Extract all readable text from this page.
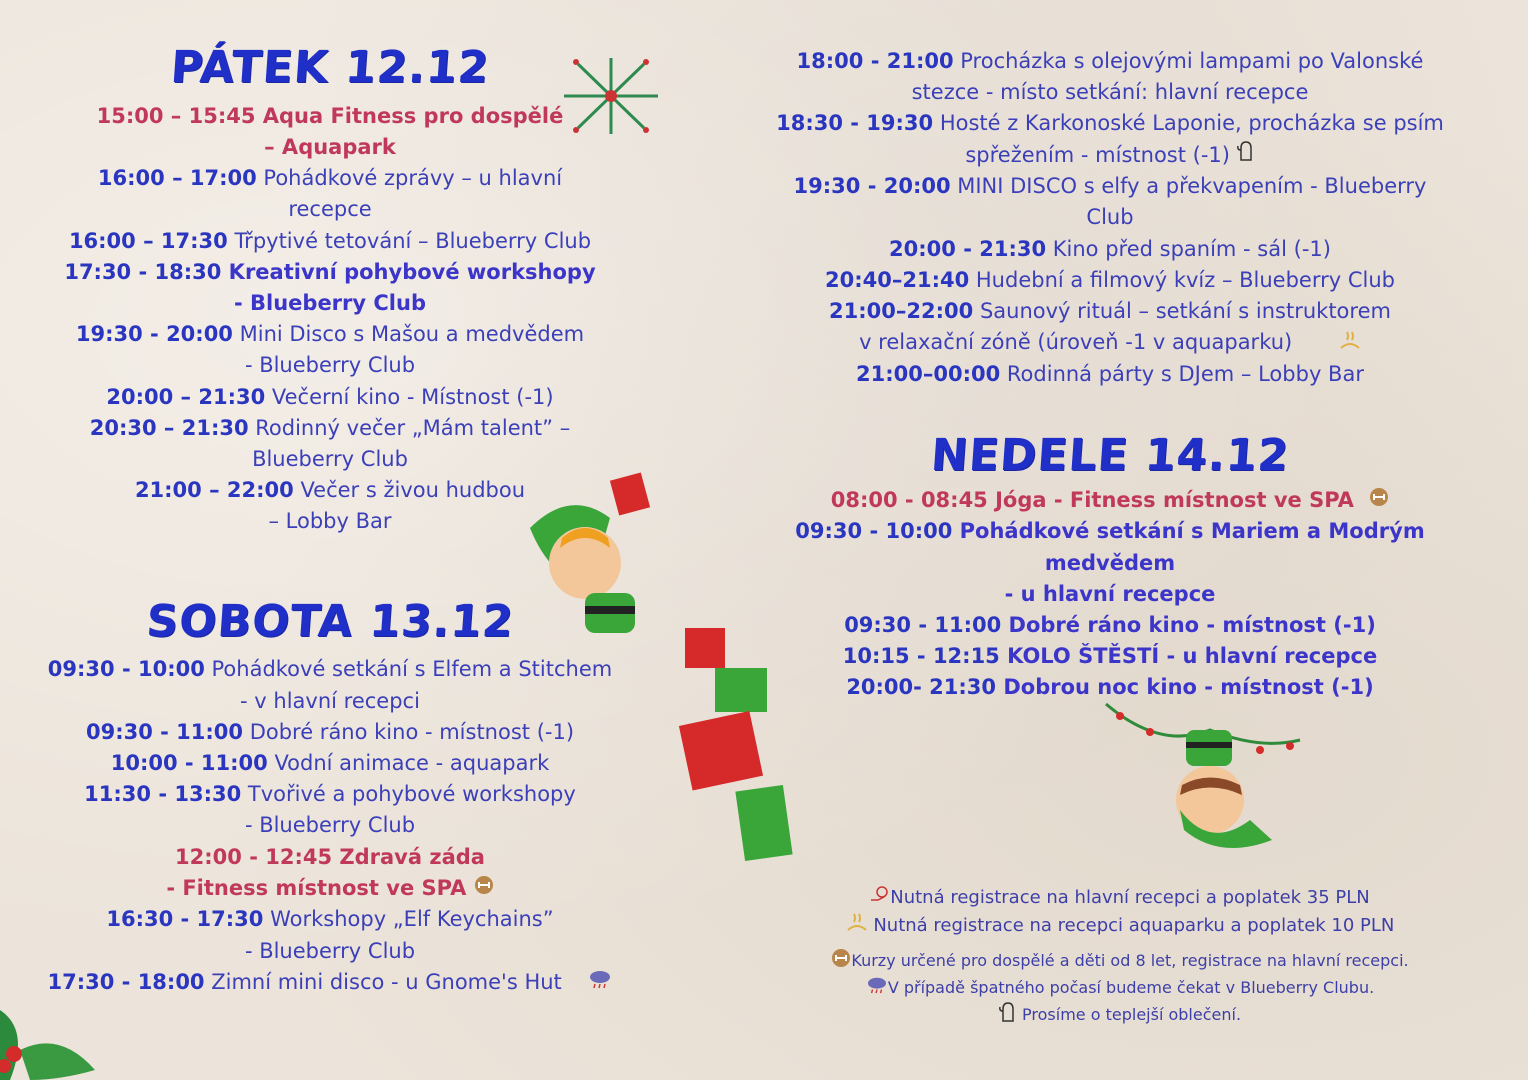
PÁTEK 12.12

15:00 – 15:45 Aqua Fitness pro dospělé
– Aquapark

16:00 – 17:00 Pohádkové zprávy – u hlavní
recepce

16:00 – 17:30 Třpytivé tetování – Blueberry Club

17:30 - 18:30 Kreativní pohybové workshopy
- Blueberry Club

19:30 - 20:00 Mini Disco s Mašou a medvědem
- Blueberry Club

20:00 – 21:30 Večerní kino - Místnost (-1)

20:30 – 21:30 Rodinný večer „Mám talent” –
Blueberry Club

21:00 – 22:00 Večer s živou hudbou
– Lobby Bar

SOBOTA 13.12

09:30 - 10:00 Pohádkové setkání s Elfem a Stitchem
- v hlavní recepci

09:30 - 11:00 Dobré ráno kino - místnost (-1)

10:00 - 11:00 Vodní animace - aquapark

11:30 - 13:30 Tvořivé a pohybové workshopy
- Blueberry Club

12:00 - 12:45 Zdravá záda
- Fitness místnost ve SPA

16:30 - 17:30 Workshopy „Elf Keychains”
- Blueberry Club

17:30 - 18:00 Zimní mini disco - u Gnome's Hut

18:00 - 21:00 Procházka s olejovými lampami po Valonské
stezce - místo setkání: hlavní recepce

18:30 - 19:30 Hosté z Karkonoské Laponie, procházka se psím
spřežením - místnost (-1)

19:30 - 20:00 MINI DISCO s elfy a překvapením - Blueberry
Club

20:00 - 21:30 Kino před spaním - sál (-1)

20:40–21:40 Hudební a filmový kvíz – Blueberry Club

21:00–22:00 Saunový rituál – setkání s instruktorem
v relaxační zóně (úroveň -1 v aquaparku)

21:00–00:00 Rodinná párty s DJem – Lobby Bar

NEDELE 14.12

08:00 - 08:45 Jóga - Fitness místnost ve SPA

09:30 - 10:00 Pohádkové setkání s Mariem a Modrým
medvědem
- u hlavní recepce

09:30 - 11:00 Dobré ráno kino - místnost (-1)

10:15 - 12:15 KOLO ŠTĚSTÍ - u hlavní recepce

20:00- 21:30 Dobrou noc kino - místnost (-1)

Nutná registrace na hlavní recepci a poplatek 35 PLN

Nutná registrace na recepci aquaparku a poplatek 10 PLN

Kurzy určené pro dospělé a děti od 8 let, registrace na hlavní recepci.

V případě špatného počasí budeme čekat v Blueberry Clubu.

Prosíme o teplejší oblečení.
